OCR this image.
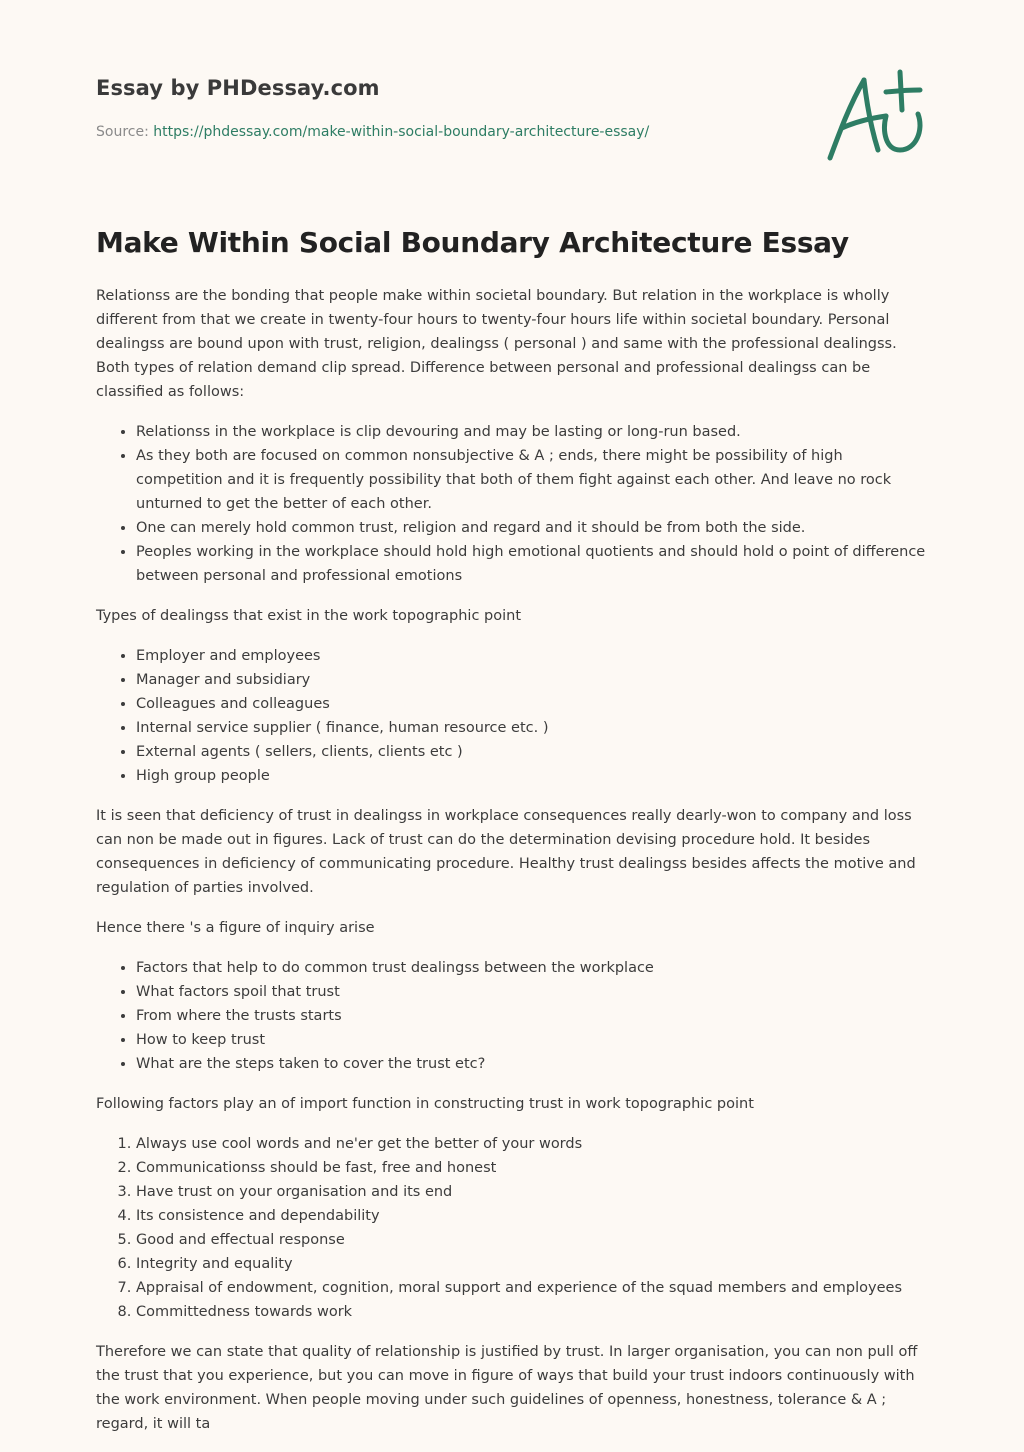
Essay by PHDessay.com

Source: https://phdessay.com/make-within-social-boundary-architecture-essay/

Make Within Social Boundary Architecture Essay

Relationss are the bonding that people make within societal boundary. But relation in the workplace is wholly different from that we create in twenty-four hours to twenty-four hours life within societal boundary. Personal dealingss are bound upon with trust, religion, dealingss ( personal ) and same with the professional dealingss. Both types of relation demand clip spread. Difference between personal and professional dealingss can be classified as follows:

• Relationss in the workplace is clip devouring and may be lasting or long-run based.
• As they both are focused on common nonsubjective & A ; ends, there might be possibility of high competition and it is frequently possibility that both of them fight against each other. And leave no rock unturned to get the better of each other.
• One can merely hold common trust, religion and regard and it should be from both the side.
• Peoples working in the workplace should hold high emotional quotients and should hold o point of difference between personal and professional emotions

Types of dealingss that exist in the work topographic point

• Employer and employees
• Manager and subsidiary
• Colleagues and colleagues
• Internal service supplier ( finance, human resource etc. )
• External agents ( sellers, clients, clients etc )
• High group people

It is seen that deficiency of trust in dealingss in workplace consequences really dearly-won to company and loss can non be made out in figures. Lack of trust can do the determination devising procedure hold. It besides consequences in deficiency of communicating procedure. Healthy trust dealingss besides affects the motive and regulation of parties involved.

Hence there 's a figure of inquiry arise

• Factors that help to do common trust dealingss between the workplace
• What factors spoil that trust
• From where the trusts starts
• How to keep trust
• What are the steps taken to cover the trust etc?

Following factors play an of import function in constructing trust in work topographic point

1. Always use cool words and ne'er get the better of your words
2. Communicationss should be fast, free and honest
3. Have trust on your organisation and its end
4. Its consistence and dependability
5. Good and effectual response
6. Integrity and equality
7. Appraisal of endowment, cognition, moral support and experience of the squad members and employees
8. Committedness towards work

Therefore we can state that quality of relationship is justified by trust. In larger organisation, you can non pull off the trust that you experience, but you can move in figure of ways that build your trust indoors continuously with the work environment. When people moving under such guidelines of openness, honestness, tolerance & A ; regard, it will ta
